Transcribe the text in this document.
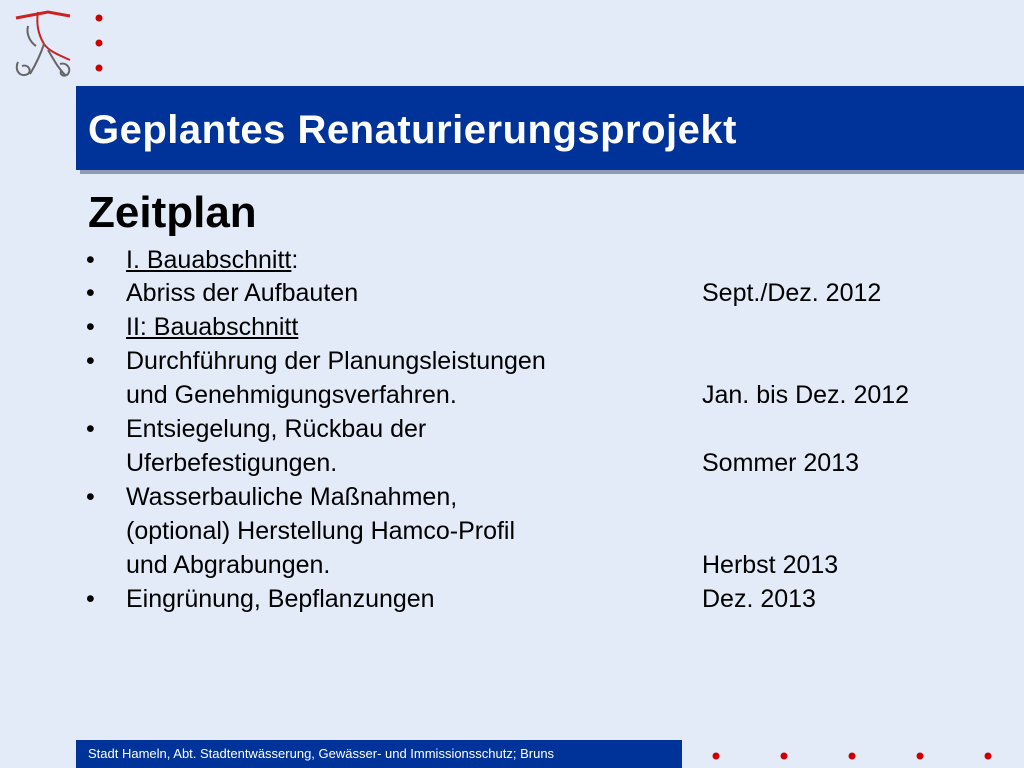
Geplantes Renaturierungsprojekt
Zeitplan
• I. Bauabschnitt:
• Abriss der Aufbauten	Sept./Dez. 2012
• II: Bauabschnitt
• Durchführung der Planungsleistungen
und Genehmigungsverfahren.	Jan. bis Dez. 2012
• Entsiegelung, Rückbau der
Uferbefestigungen.	Sommer 2013
• Wasserbauliche Maßnahmen,
(optional) Herstellung Hamco-Profil
und Abgrabungen.	Herbst 2013
• Eingrünung, Bepflanzungen	Dez. 2013
Stadt Hameln, Abt. Stadtentwässerung, Gewässer- und Immissionsschutz; Bruns
